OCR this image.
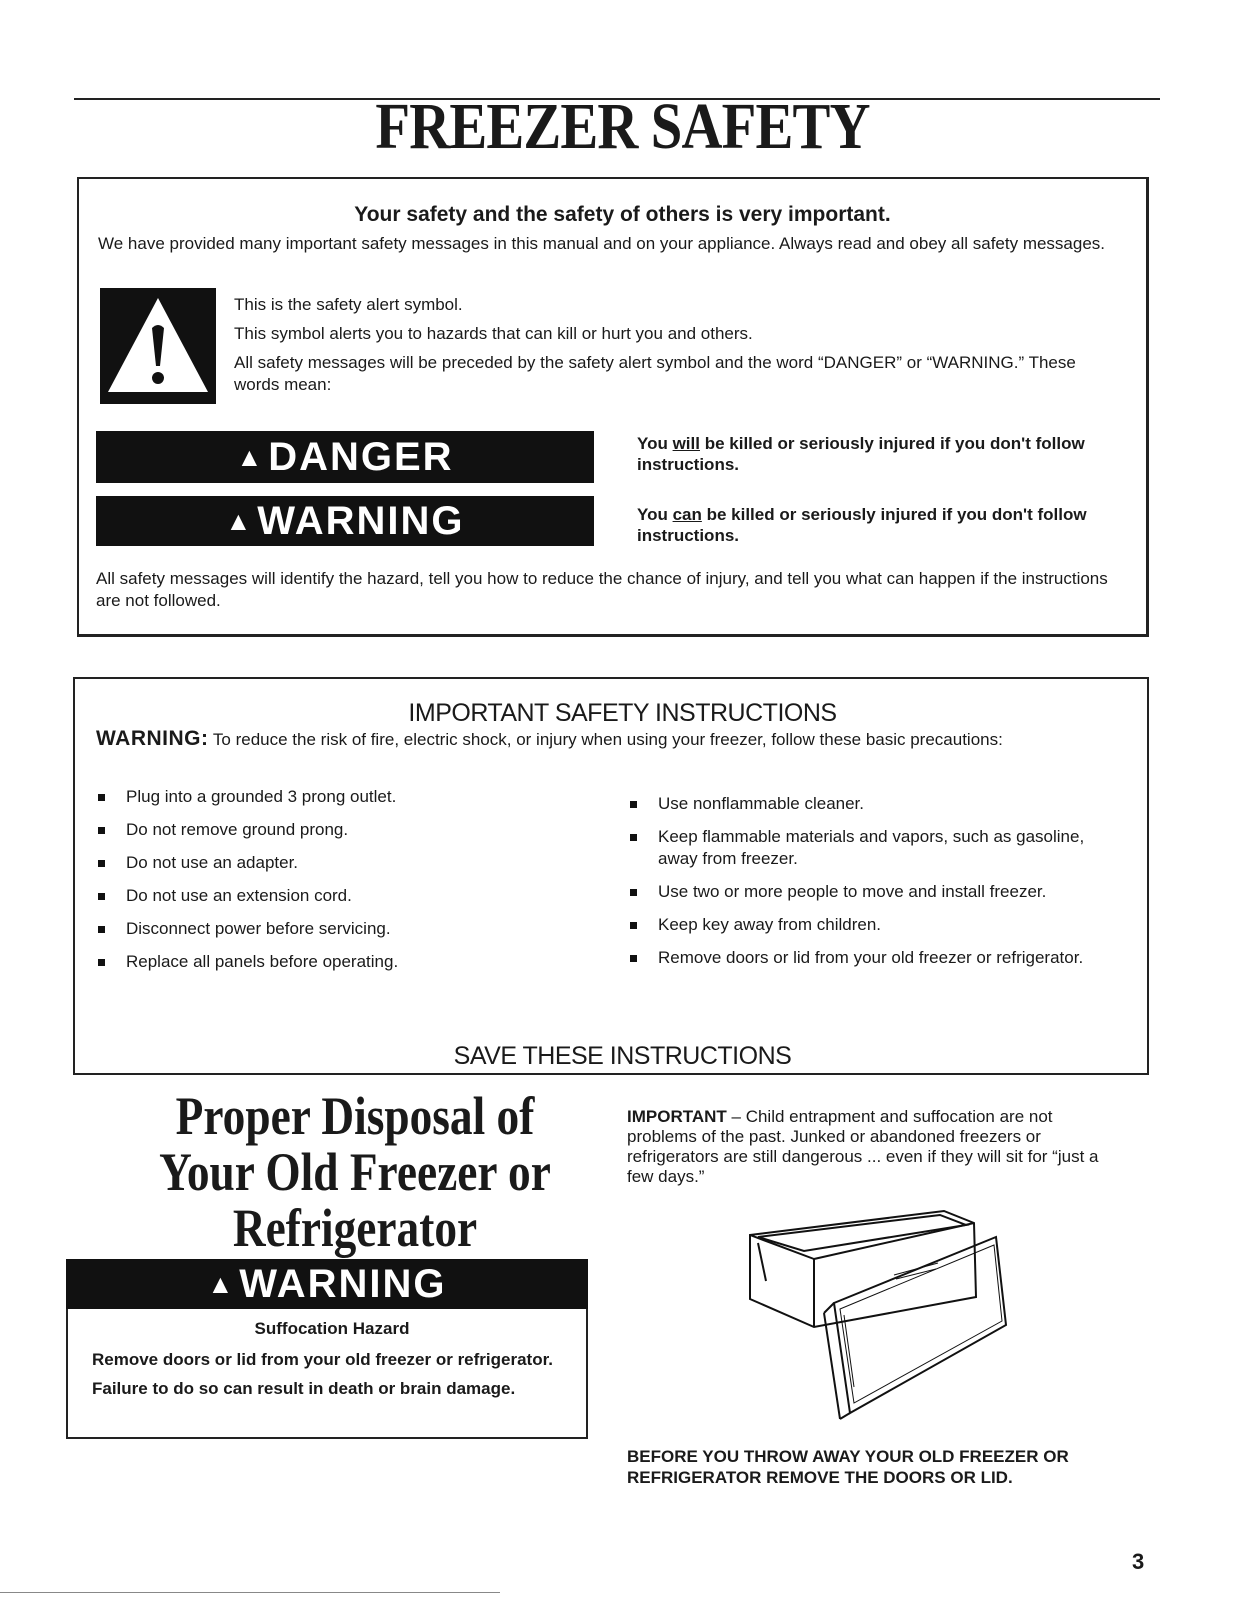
FREEZER SAFETY
Your safety and the safety of others is very important.
We have provided many important safety messages in this manual and on your appliance. Always read and obey all safety messages.

This is the safety alert symbol.

This symbol alerts you to hazards that can kill or hurt you and others.

All safety messages will be preceded by the safety alert symbol and the word “DANGER” or “WARNING.” These words mean:

▲ DANGER	You will be killed or seriously injured if you don't follow instructions.
▲ WARNING	You can be killed or seriously injured if you don't follow instructions.
All safety messages will identify the hazard, tell you how to reduce the chance of injury, and tell you what can happen if the instructions are not followed.
IMPORTANT SAFETY INSTRUCTIONS
WARNING: To reduce the risk of fire, electric shock, or injury when using your freezer, follow these basic precautions:
Plug into a grounded 3 prong outlet.
Do not remove ground prong.
Do not use an adapter.
Do not use an extension cord.
Disconnect power before servicing.
Replace all panels before operating.
Use nonflammable cleaner.
Keep flammable materials and vapors, such as gasoline, away from freezer.
Use two or more people to move and install freezer.
Keep key away from children.
Remove doors or lid from your old freezer or refrigerator.
SAVE THESE INSTRUCTIONS
Proper Disposal of
Your Old Freezer or
Refrigerator
▲ WARNING
Suffocation Hazard

Remove doors or lid from your old freezer or refrigerator.

Failure to do so can result in death or brain damage.

IMPORTANT – Child entrapment and suffocation are not problems of the past. Junked or abandoned freezers or refrigerators are still dangerous ... even if they will sit for “just a few days.”
BEFORE YOU THROW AWAY YOUR OLD FREEZER OR REFRIGERATOR REMOVE THE DOORS OR LID.
3
